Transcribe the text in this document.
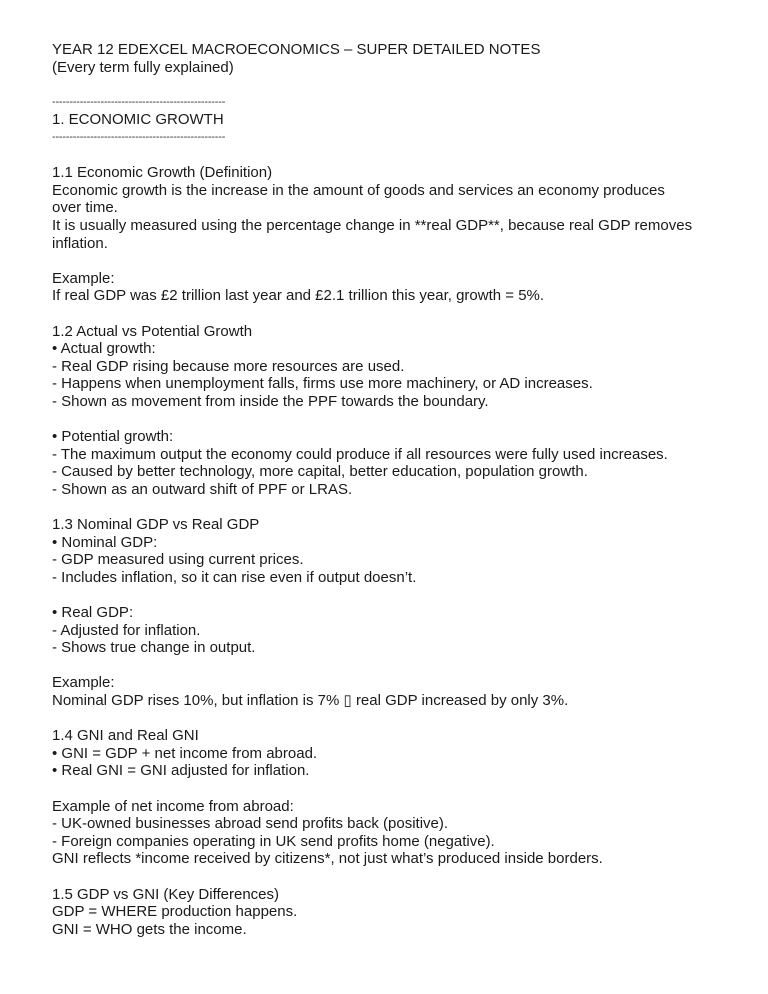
YEAR 12 EDEXCEL MACROECONOMICS – SUPER DETAILED NOTES
(Every term fully explained)
--------------------------------------------------
1. ECONOMIC GROWTH
--------------------------------------------------
1.1 Economic Growth (Definition)
Economic growth is the increase in the amount of goods and services an economy produces
over time.
It is usually measured using the percentage change in **real GDP**, because real GDP removes
inflation.
Example:
If real GDP was £2 trillion last year and £2.1 trillion this year, growth = 5%.
1.2 Actual vs Potential Growth
• Actual growth:
- Real GDP rising because more resources are used.
- Happens when unemployment falls, firms use more machinery, or AD increases.
- Shown as movement from inside the PPF towards the boundary.
• Potential growth:
- The maximum output the economy could produce if all resources were fully used increases.
- Caused by better technology, more capital, better education, population growth.
- Shown as an outward shift of PPF or LRAS.
1.3 Nominal GDP vs Real GDP
• Nominal GDP:
- GDP measured using current prices.
- Includes inflation, so it can rise even if output doesn’t.
• Real GDP:
- Adjusted for inflation.
- Shows true change in output.
Example:
Nominal GDP rises 10%, but inflation is 7% ▯ real GDP increased by only 3%.
1.4 GNI and Real GNI
• GNI = GDP + net income from abroad.
• Real GNI = GNI adjusted for inflation.
Example of net income from abroad:
- UK-owned businesses abroad send profits back (positive).
- Foreign companies operating in UK send profits home (negative).
GNI reflects *income received by citizens*, not just what’s produced inside borders.
1.5 GDP vs GNI (Key Differences)
GDP = WHERE production happens.
GNI = WHO gets the income.
